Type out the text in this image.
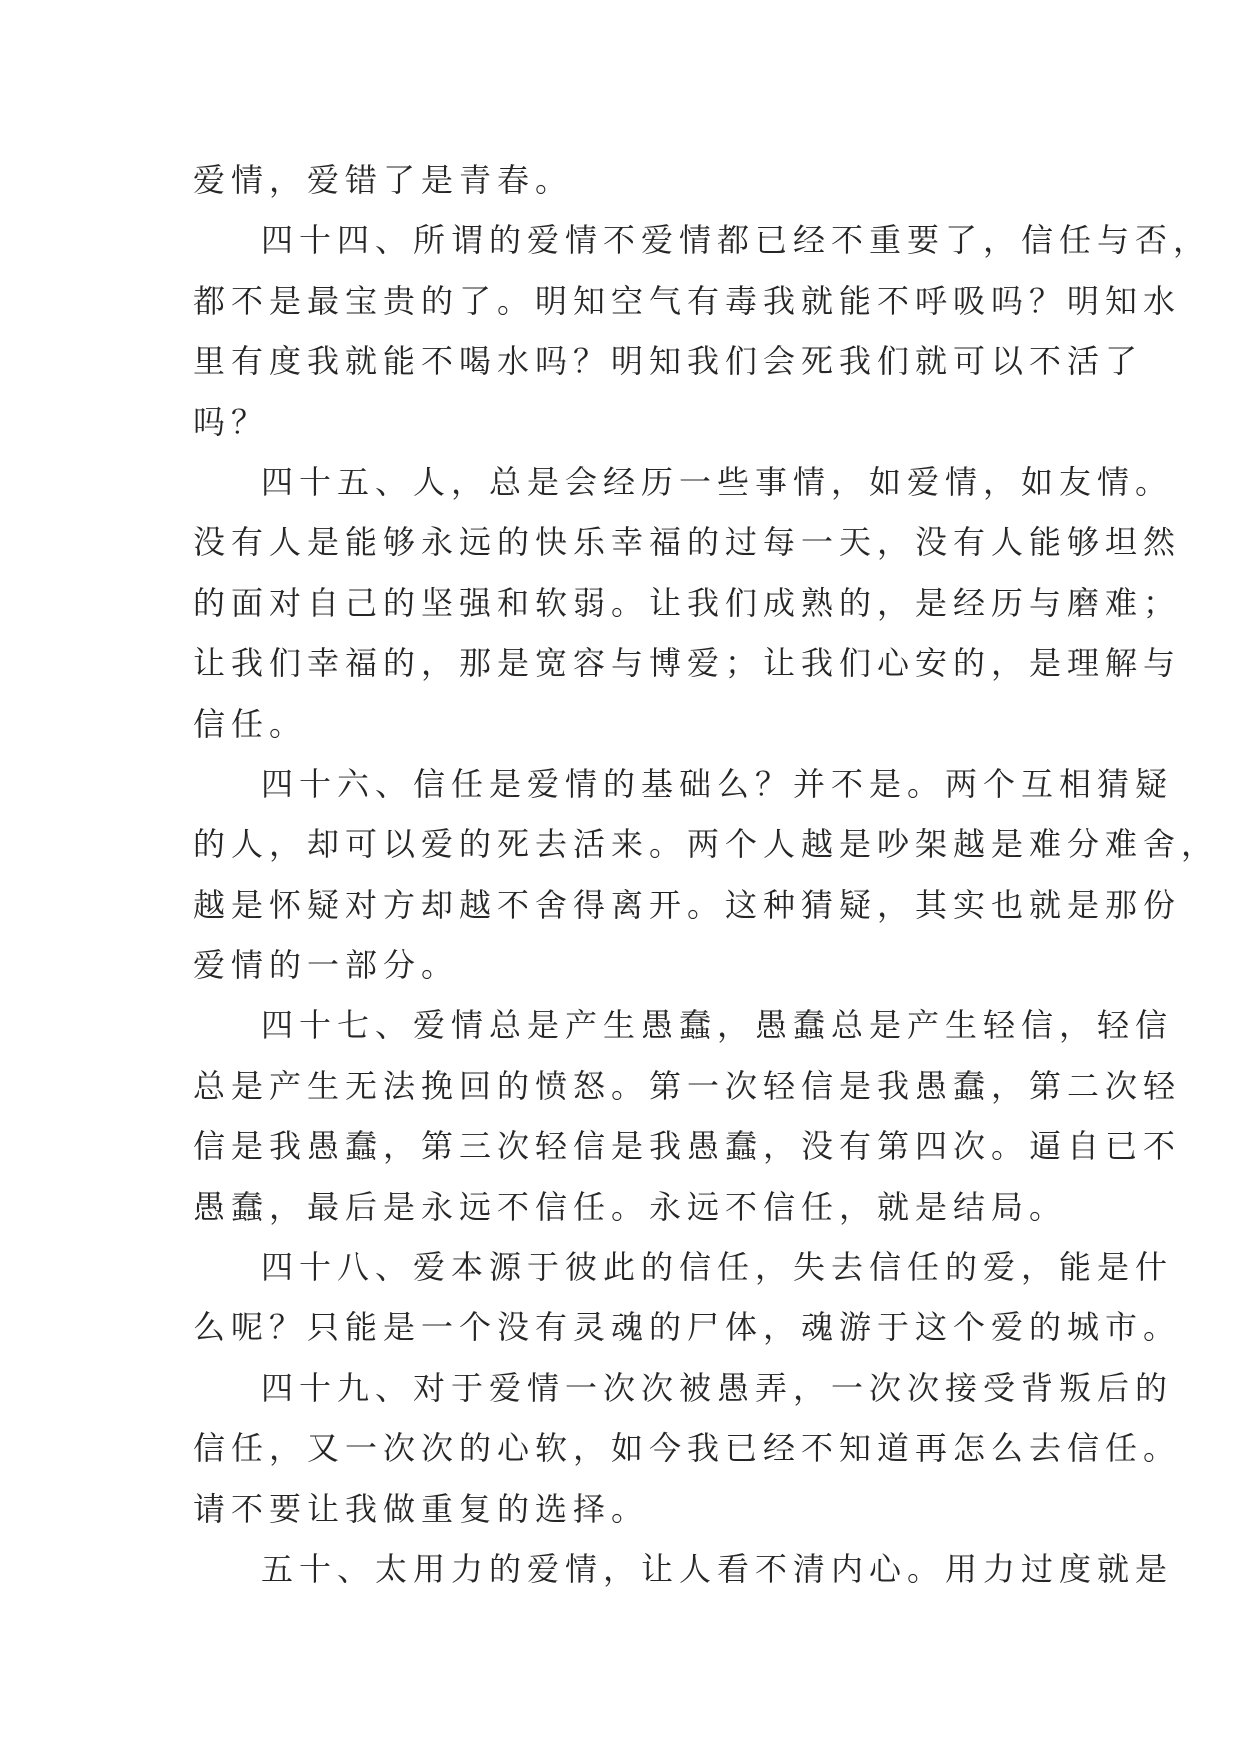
爱情，爱错了是青春。
四十四、所谓的爱情不爱情都已经不重要了，信任与否，
都不是最宝贵的了。明知空气有毒我就能不呼吸吗？明知水
里有度我就能不喝水吗？明知我们会死我们就可以不活了
吗？
四十五、人，总是会经历一些事情，如爱情，如友情。
没有人是能够永远的快乐幸福的过每一天，没有人能够坦然
的面对自己的坚强和软弱。让我们成熟的，是经历与磨难；
让我们幸福的，那是宽容与博爱；让我们心安的，是理解与
信任。
四十六、信任是爱情的基础么？并不是。两个互相猜疑
的人，却可以爱的死去活来。两个人越是吵架越是难分难舍，
越是怀疑对方却越不舍得离开。这种猜疑，其实也就是那份
爱情的一部分。
四十七、爱情总是产生愚蠢，愚蠢总是产生轻信，轻信
总是产生无法挽回的愤怒。第一次轻信是我愚蠢，第二次轻
信是我愚蠢，第三次轻信是我愚蠢，没有第四次。逼自已不
愚蠢，最后是永远不信任。永远不信任，就是结局。
四十八、爱本源于彼此的信任，失去信任的爱，能是什
么呢？只能是一个没有灵魂的尸体，魂游于这个爱的城市。
四十九、对于爱情一次次被愚弄，一次次接受背叛后的
信任，又一次次的心软，如今我已经不知道再怎么去信任。
请不要让我做重复的选择。
五十、太用力的爱情，让人看不清内心。用力过度就是
